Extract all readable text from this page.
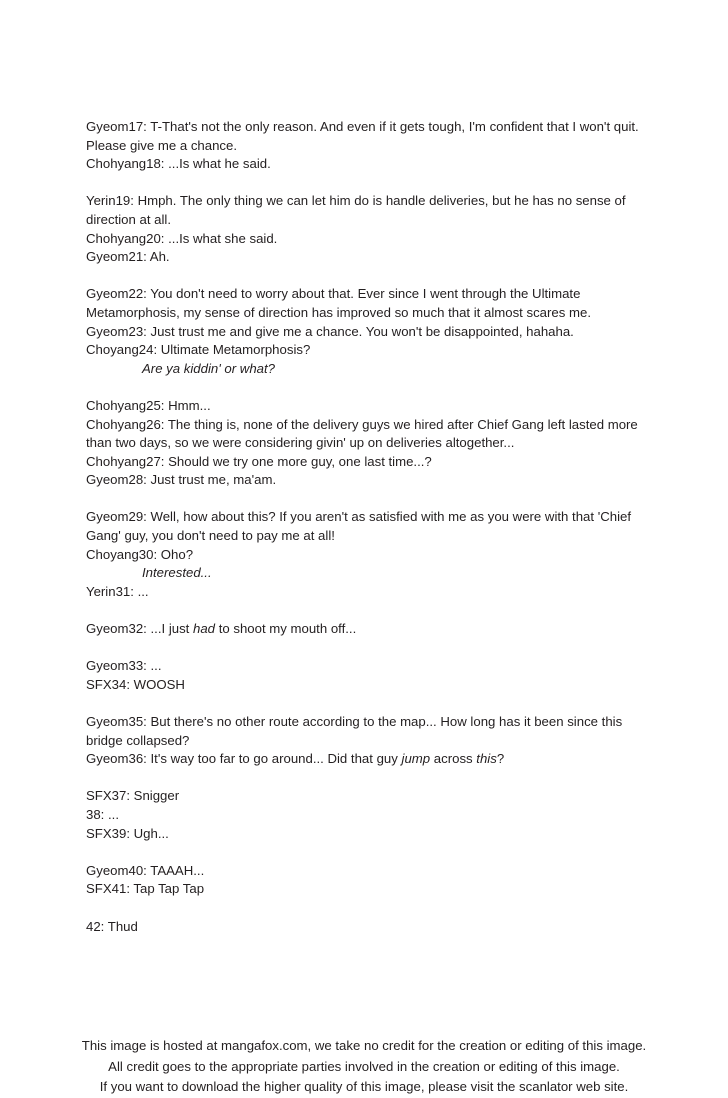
Gyeom17: T-That's not the only reason. And even if it gets tough, I'm confident that I won't quit. Please give me a chance.

Chohyang18: ...Is what he said.

Yerin19: Hmph. The only thing we can let him do is handle deliveries, but he has no sense of direction at all.

Chohyang20: ...Is what she said.

Gyeom21: Ah.

Gyeom22: You don't need to worry about that. Ever since I went through the Ultimate Metamorphosis, my sense of direction has improved so much that it almost scares me.

Gyeom23: Just trust me and give me a chance. You won't be disappointed, hahaha.

Choyang24: Ultimate Metamorphosis?

Are ya kiddin' or what?

Chohyang25: Hmm...

Chohyang26: The thing is, none of the delivery guys we hired after Chief Gang left lasted more than two days, so we were considering givin' up on deliveries altogether...

Chohyang27: Should we try one more guy, one last time...?

Gyeom28: Just trust me, ma'am.

Gyeom29: Well, how about this? If you aren't as satisfied with me as you were with that 'Chief Gang' guy, you don't need to pay me at all!

Choyang30: Oho?

Interested...

Yerin31: ...

Gyeom32: ...I just had to shoot my mouth off...

Gyeom33: ...

SFX34: WOOSH

Gyeom35: But there's no other route according to the map... How long has it been since this bridge collapsed?

Gyeom36: It's way too far to go around... Did that guy jump across this?

SFX37: Snigger

38: ...

SFX39: Ugh...

Gyeom40: TAAAH...

SFX41: Tap Tap Tap

42: Thud

This image is hosted at mangafox.com, we take no credit for the creation or editing of this image.
All credit goes to the appropriate parties involved in the creation or editing of this image.
If you want to download the higher quality of this image, please visit the scanlator web site.
